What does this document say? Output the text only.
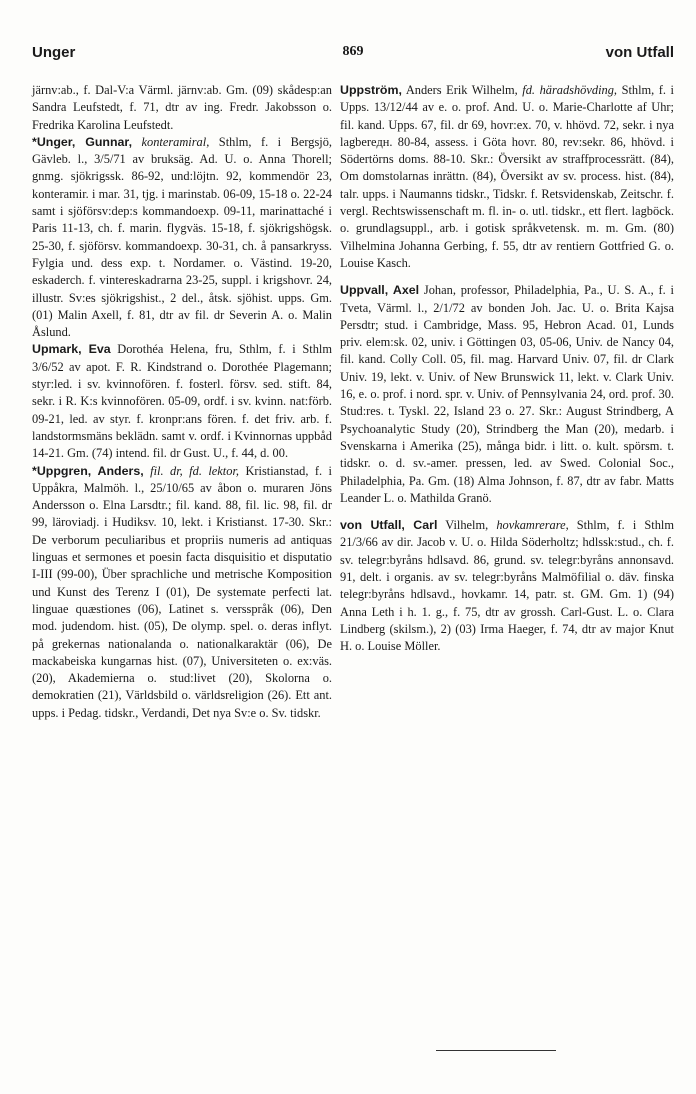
Unger	869	von Utfall

järnv:ab., f. Dal-V:a Värml. järnv:ab. Gm. (09) skådesp:an Sandra Leufstedt, f. 71, dtr av ing. Fredr. Jakobsson o. Fredrika Karolina Leufstedt.

*Unger, Gunnar, konteramiral, Sthlm, f. i Bergsjö, Gävleb. l., 3/5/71 av bruksäg. Ad. U. o. Anna Thorell; gnmg. sjökrigssk. 86-92, und:löjtn. 92, kommendör 23, konteramir. i mar. 31, tjg. i marinstab. 06-09, 15-18 o. 22-24 samt i sjöförsv:dep:s kommandoexp. 09-11, marinattaché i Paris 11-13, ch. f. marin. flygväs. 15-18, f. sjökrigshögsk. 25-30, f. sjöförsv. kommandoexp. 30-31, ch. å pansarkryss. Fylgia und. dess exp. t. Nordamer. o. Västind. 19-20, eskaderch. f. vintereskadrarna 23-25, suppl. i krigshovr. 24, illustr. Sv:es sjökrigshist., 2 del., åtsk. sjöhist. upps. Gm. (01) Malin Axell, f. 81, dtr av fil. dr Severin A. o. Malin Åslund.

Upmark, Eva Dorothéa Helena, fru, Sthlm, f. i Sthlm 3/6/52 av apot. F. R. Kindstrand o. Dorothée Plagemann; styr:led. i sv. kvinnofören. f. fosterl. försv. sed. stift. 84, sekr. i R. K:s kvinnofören. 05-09, ordf. i sv. kvinn. nat:förb. 09-21, led. av styr. f. kronpr:ans fören. f. det friv. arb. f. landstormsmäns beklädn. samt v. ordf. i Kvinnornas uppbåd 14-21. Gm. (74) intend. fil. dr Gust. U., f. 44, d. 00.

*Uppgren, Anders, fil. dr, fd. lektor, Kristianstad, f. i Uppåkra, Malmöh. l., 25/10/65 av åbon o. muraren Jöns Andersson o. Elna Larsdtr.; fil. kand. 88, fil. lic. 98, fil. dr 99, läroviadj. i Hudiksv. 10, lekt. i Kristianst. 17-30. Skr.: De verborum peculiaribus et propriis numeris ad antiquas linguas et sermones et poesin facta disquisitio et disputatio I-III (99-00), Über sprachliche und metrische Komposition und Kunst des Terenz I (01), De systemate perfecti lat. linguae quæstiones (06), Latinet s. versspråk (06), Den mod. judendom. hist. (05), De olymp. spel. o. deras inflyt. på grekernas nationalanda o. nationalkaraktär (06), De mackabeiska kungarnas hist. (07), Universiteten o. ex:väs. (20), Akademierna o. stud:livet (20), Skolorna o. demokratien (21), Världsbild o. världsreligion (26). Ett ant. upps. i Pedag. tidskr., Verdandi, Det nya Sv:e o. Sv. tidskr.

Uppström, Anders Erik Wilhelm, fd. häradshövding, Sthlm, f. i Upps. 13/12/44 av e. o. prof. And. U. o. Marie-Charlotte af Uhr; fil. kand. Upps. 67, fil. dr 69, hovr:ex. 70, v. hhövd. 72, sekr. i nya lagbereдн. 80-84, assess. i Göta hovr. 80, rev:sekr. 86, hhövd. i Södertörns doms. 88-10. Skr.: Översikt av straffprocessrätt. (84), Om domstolarnas inrättn. (84), Översikt av sv. process. hist. (84), talr. upps. i Naumanns tidskr., Tidskr. f. Retsvidenskab, Zeitschr. f. vergl. Rechtswissenschaft m. fl. in- o. utl. tidskr., ett flert. lagböck. o. grundlagsuppl., arb. i gotisk språkvetensk. m. m. Gm. (80) Vilhelmina Johanna Gerbing, f. 55, dtr av rentiern Gottfried G. o. Louise Kasch.

Uppvall, Axel Johan, professor, Philadelphia, Pa., U. S. A., f. i Tveta, Värml. l., 2/1/72 av bonden Joh. Jac. U. o. Brita Kajsa Persdtr; stud. i Cambridge, Mass. 95, Hebron Acad. 01, Lunds priv. elem:sk. 02, univ. i Göttingen 03, 05-06, Univ. de Nancy 04, fil. kand. Colly Coll. 05, fil. mag. Harvard Univ. 07, fil. dr Clark Univ. 19, lekt. v. Univ. of New Brunswick 11, lekt. v. Clark Univ. 16, e. o. prof. i nord. spr. v. Univ. of Pennsylvania 24, ord. prof. 30. Stud:res. t. Tyskl. 22, Island 23 o. 27. Skr.: August Strindberg, A Psychoanalytic Study (20), Strindberg the Man (20), medarb. i Svenskarna i Amerika (25), många bidr. i litt. o. kult. spörsm. t. tidskr. o. d. sv.-amer. pressen, led. av Swed. Colonial Soc., Philadelphia, Pa. Gm. (18) Alma Johnson, f. 87, dtr av fabr. Matts Leander L. o. Mathilda Granö.

von Utfall, Carl Vilhelm, hovkamrerare, Sthlm, f. i Sthlm 21/3/66 av dir. Jacob v. U. o. Hilda Söderholtz; hdlssk:stud., ch. f. sv. telegr:byråns hdlsavd. 86, grund. sv. telegr:byråns annonsavd. 91, delt. i organis. av sv. telegr:byråns Malmöfilial o. däv. finska telegr:byråns hdlsavd., hovkamr. 14, patr. st. GM. Gm. 1) (94) Anna Leth i h. 1. g., f. 75, dtr av grossh. Carl-Gust. L. o. Clara Lindberg (skilsm.), 2) (03) Irma Haeger, f. 74, dtr av major Knut H. o. Louise Möller.
